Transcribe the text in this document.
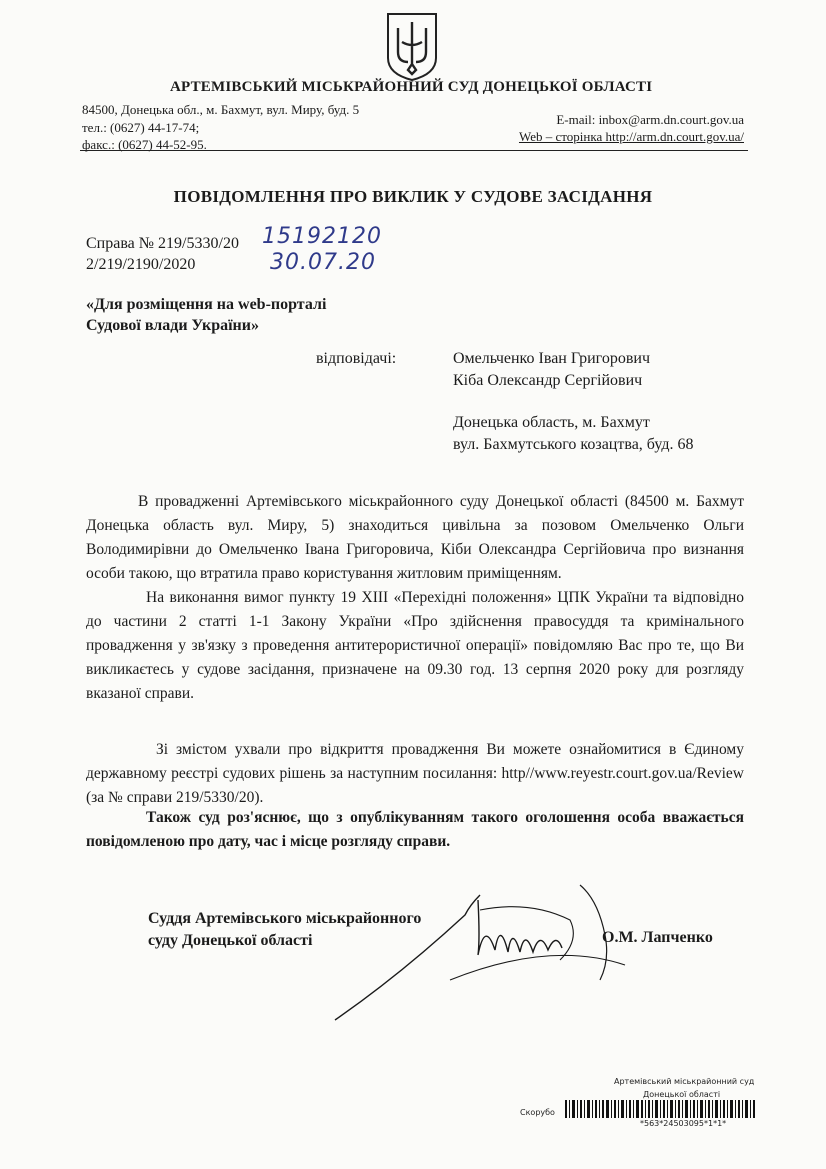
АРТЕМІВСЬКИЙ МІСЬКРАЙОННИЙ СУД ДОНЕЦЬКОЇ ОБЛАСТІ
84500, Донецька обл., м. Бахмут, вул. Миру, буд. 5
тел.: (0627) 44-17-74;
факс.: (0627) 44-52-95.
E-mail: inbox@arm.dn.court.gov.ua
Web – сторінка http://arm.dn.court.gov.ua/
ПОВІДОМЛЕННЯ ПРО ВИКЛИК У СУДОВЕ ЗАСІДАННЯ
Справа № 219/5330/20
2/219/2190/2020
15192120
30.07.20
«Для розміщення на web-порталі
Судової влади України»
відповідачі:	Омельченко Іван Григорович
Кіба Олександр Сергійович
Донецька область, м. Бахмут
вул. Бахмутського козацтва, буд. 68

В провадженні Артемівського міськрайонного суду Донецької області (84500 м. Бахмут Донецька область вул. Миру, 5) знаходиться цивільна за позовом Омельченко Ольги Володимирівни до Омельченко Івана Григоровича, Кіби Олександра Сергійовича про визнання особи такою, що втратила право користування житловим приміщенням.

На виконання вимог пункту 19 XIII «Перехідні положення» ЦПК України та відповідно до частини 2 статті 1-1 Закону України «Про здійснення правосуддя та кримінального провадження у зв'язку з проведення антитерористичної операції» повідомляю Вас про те, що Ви викликаєтесь у судове засідання, призначене на 09.30 год. 13 серпня 2020 року для розгляду вказаної справи.

Зі змістом ухвали про відкриття провадження Ви можете ознайомитися в Єдиному державному реєстрі судових рішень за наступним посилання: http//www.reyestr.court.gov.ua/Review (за № справи 219/5330/20).

Також суд роз'яснює, що з опублікуванням такого оголошення особа вважається повідомленою про дату, час і місце розгляду справи.

Суддя Артемівського міськрайонного
суду Донецької області	О.М. Лапченко
Артемівський міськрайонний суд
Донецької області
Скорубо
*563*24503095*1*1*
